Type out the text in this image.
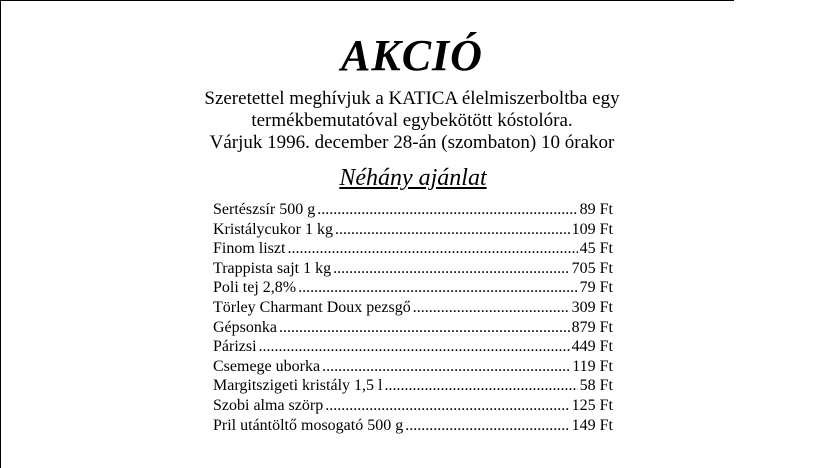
AKCIÓ
Szeretettel meghívjuk a KATICA élelmiszerboltba egy
termékbemutatóval egybekötött kóstolóra.
Várjuk 1996. december 28-án (szombaton) 10 órakor
Néhány ajánlat
Sertészsír 500 g .....	89 Ft
Kristálycukor 1 kg .....	109 Ft
Finom liszt .....	45 Ft
Trappista sajt 1 kg .....	705 Ft
Poli tej 2,8% .....	79 Ft
Törley Charmant Doux pezsgő .....	309 Ft
Gépsonka .....	879 Ft
Párizsi .....	449 Ft
Csemege uborka .....	119 Ft
Margitszigeti kristály 1,5 l .....	58 Ft
Szobi alma szörp .....	125 Ft
Pril utántöltő mosogató 500 g .....	149 Ft
